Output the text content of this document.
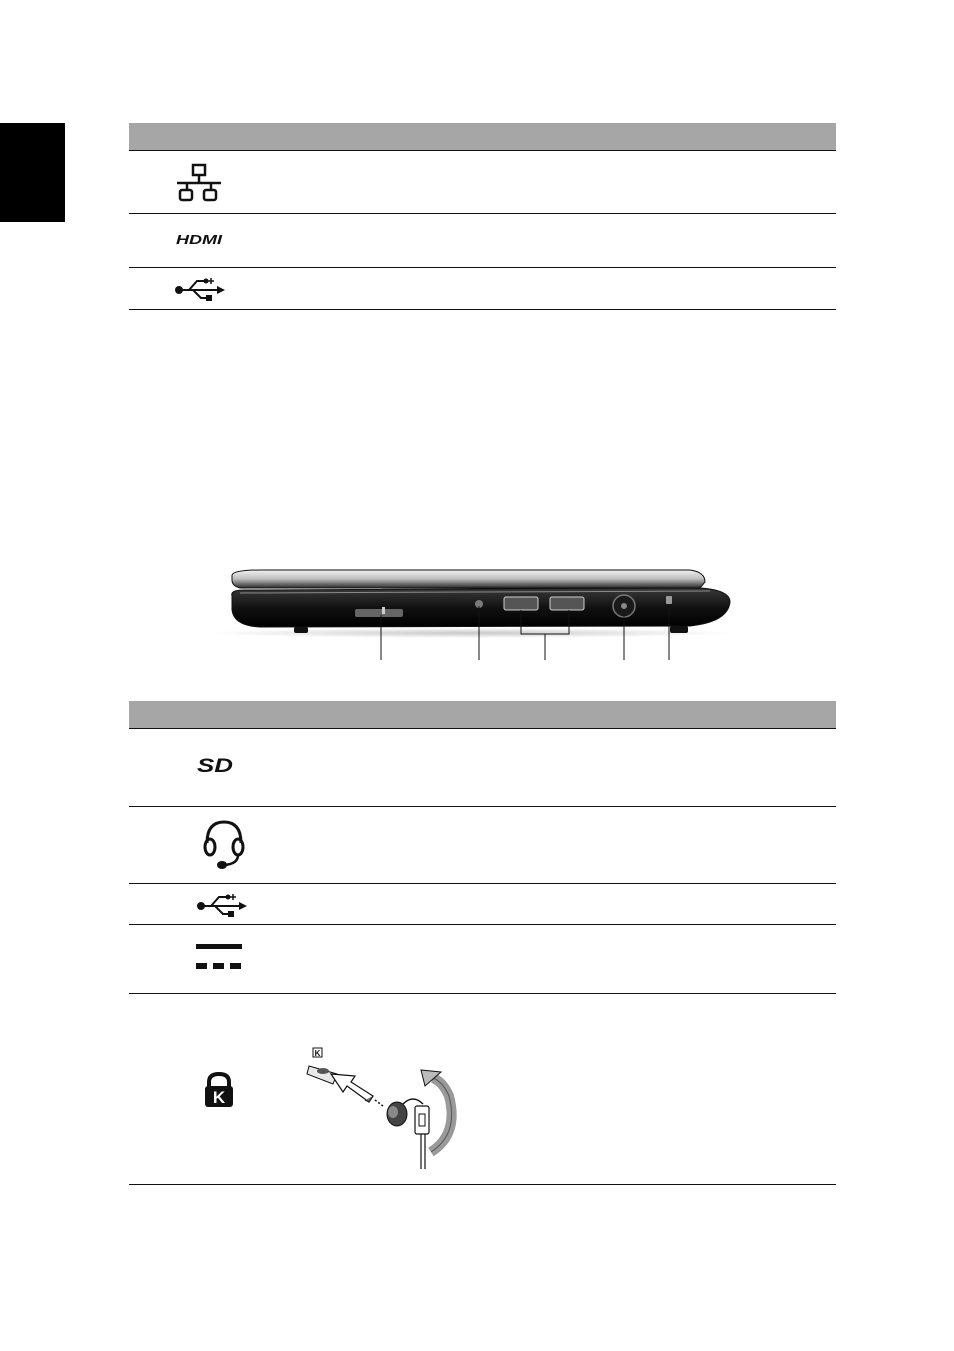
HDMI
SD
K
K
